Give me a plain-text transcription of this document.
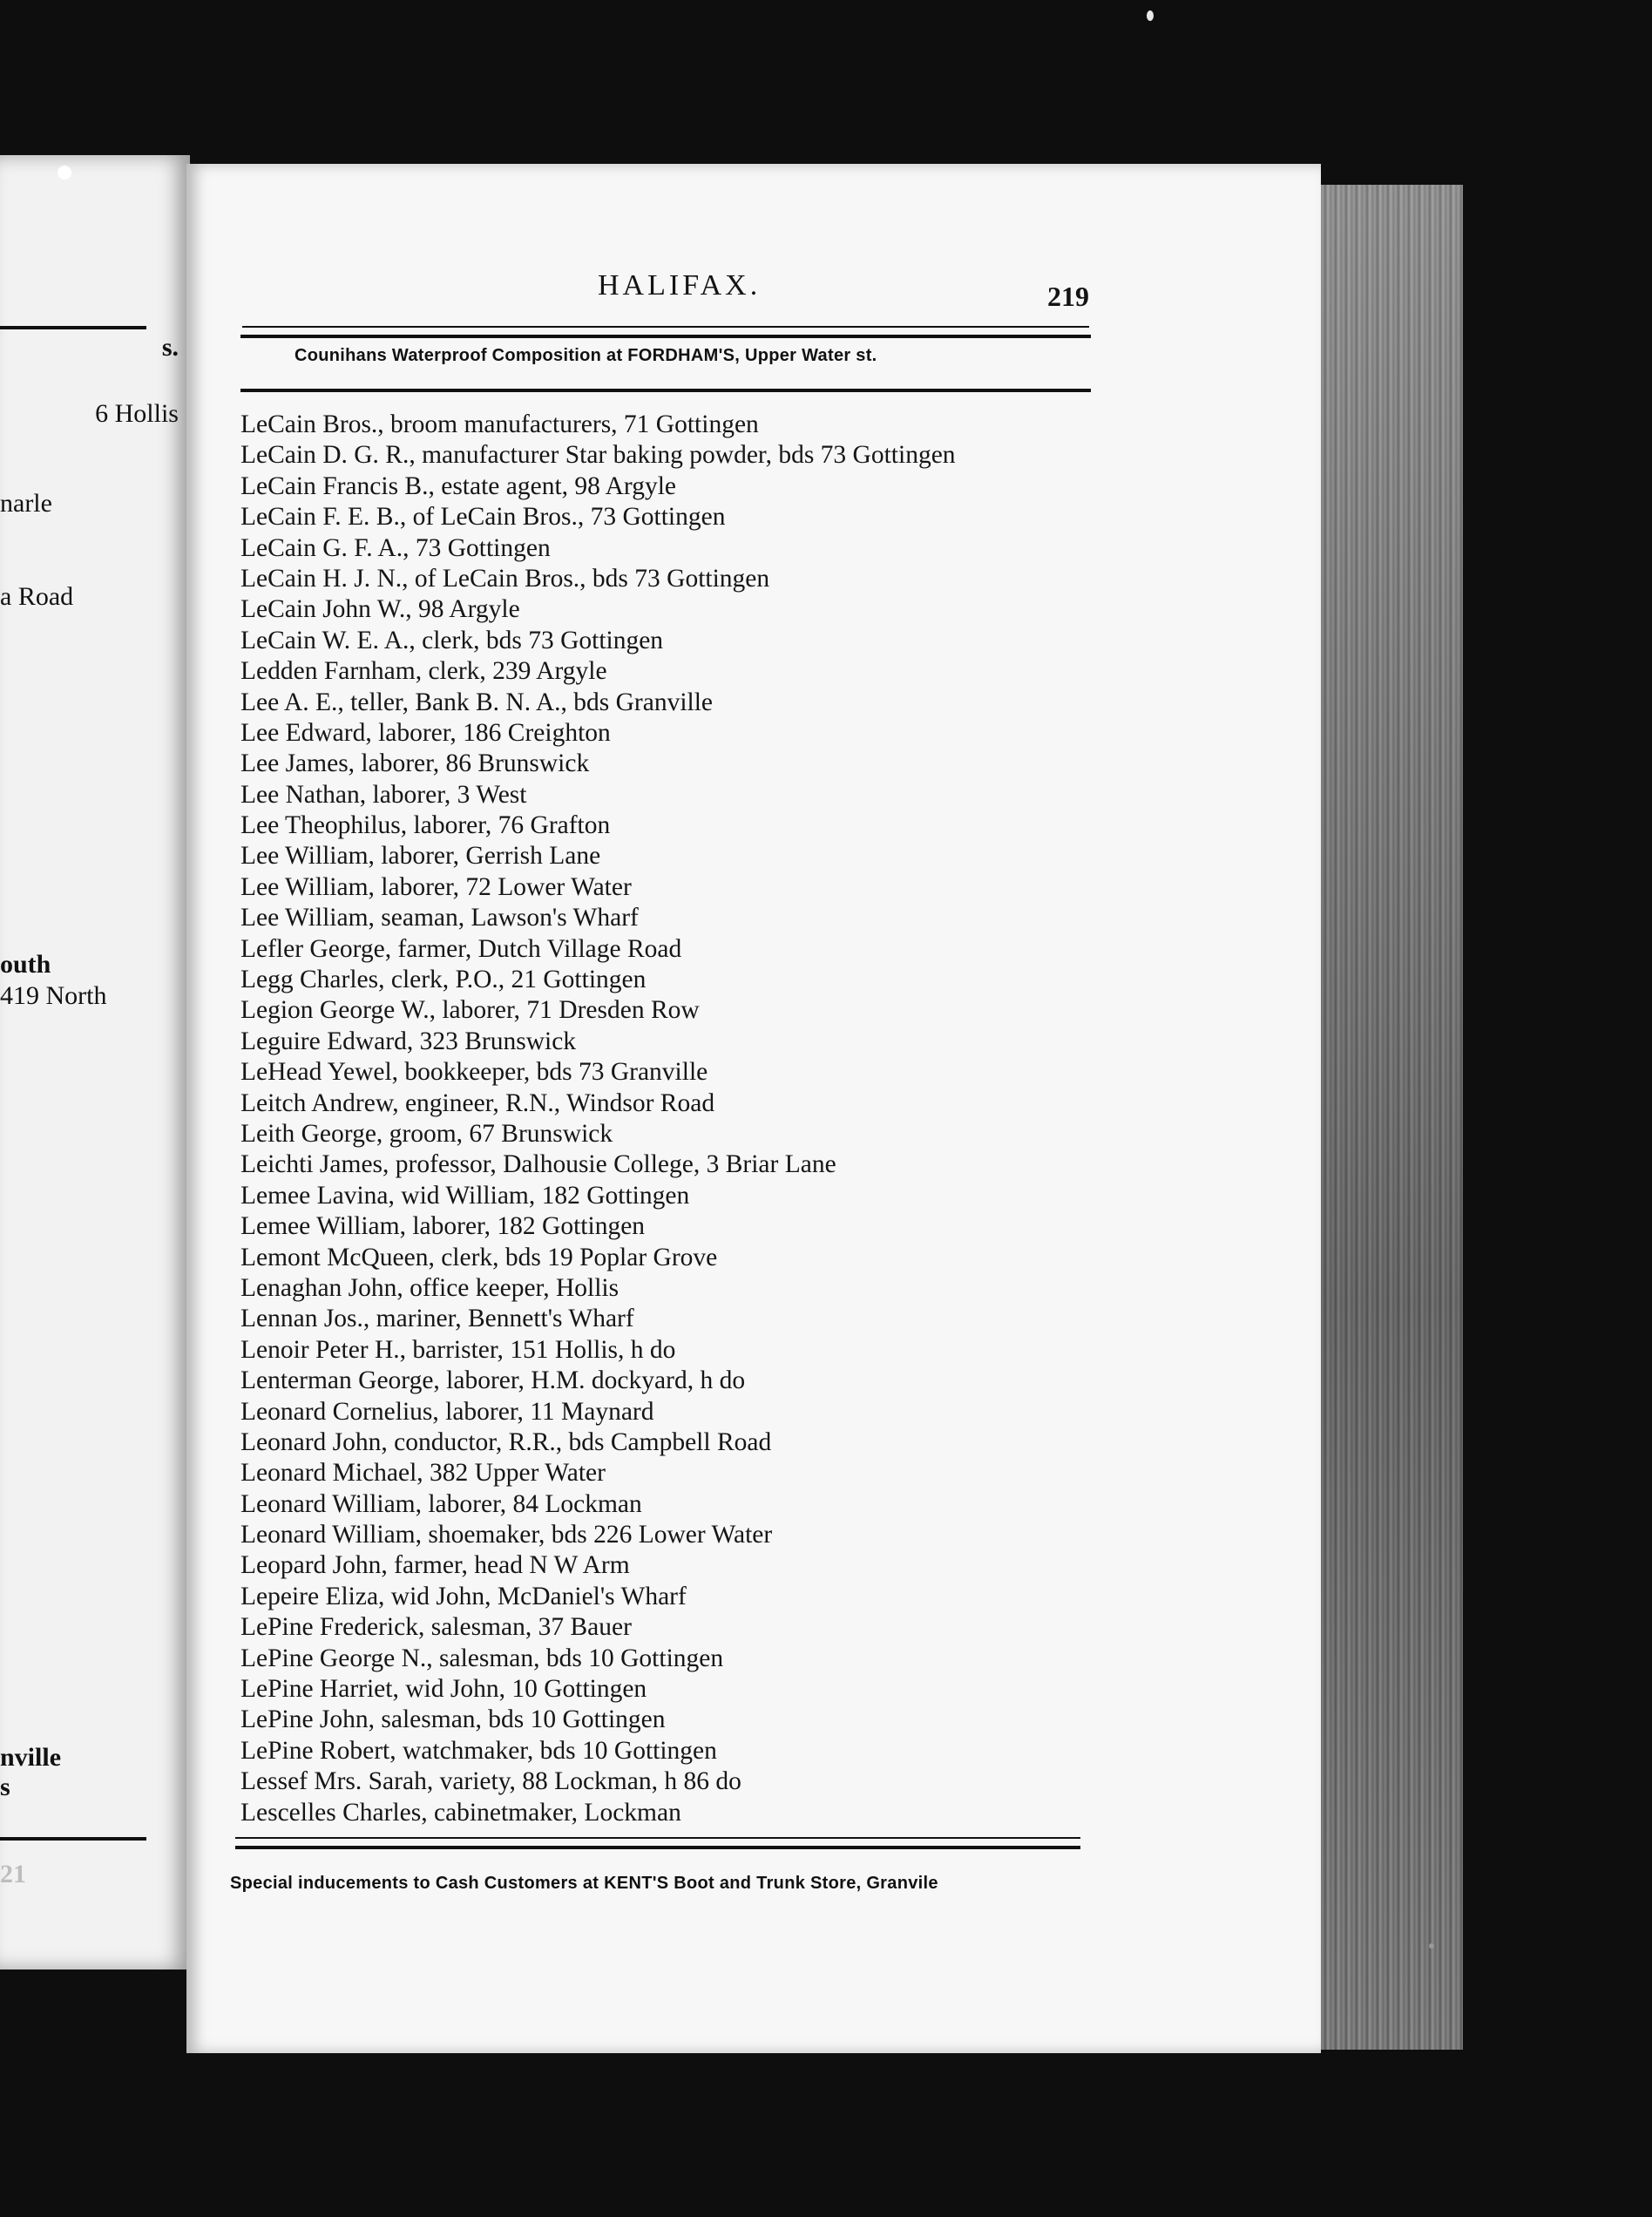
s.
6 Hollis
narle
a Road
outh
419 North
nville
s
21
HALIFAX.	219
Counihans Waterproof Composition at FORDHAM'S, Upper Water st.
LeCain Bros., broom manufacturers, 71 Gottingen
LeCain D. G. R., manufacturer Star baking powder, bds 73 Gottingen
LeCain Francis B., estate agent, 98 Argyle
LeCain F. E. B., of LeCain Bros., 73 Gottingen
LeCain G. F. A., 73 Gottingen
LeCain H. J. N., of LeCain Bros., bds 73 Gottingen
LeCain John W., 98 Argyle
LeCain W. E. A., clerk, bds 73 Gottingen
Ledden Farnham, clerk, 239 Argyle
Lee A. E., teller, Bank B. N. A., bds Granville
Lee Edward, laborer, 186 Creighton
Lee James, laborer, 86 Brunswick
Lee Nathan, laborer, 3 West
Lee Theophilus, laborer, 76 Grafton
Lee William, laborer, Gerrish Lane
Lee William, laborer, 72 Lower Water
Lee William, seaman, Lawson's Wharf
Lefler George, farmer, Dutch Village Road
Legg Charles, clerk, P.O., 21 Gottingen
Legion George W., laborer, 71 Dresden Row
Leguire Edward, 323 Brunswick
LeHead Yewel, bookkeeper, bds 73 Granville
Leitch Andrew, engineer, R.N., Windsor Road
Leith George, groom, 67 Brunswick
Leichti James, professor, Dalhousie College, 3 Briar Lane
Lemee Lavina, wid William, 182 Gottingen
Lemee William, laborer, 182 Gottingen
Lemont McQueen, clerk, bds 19 Poplar Grove
Lenaghan John, office keeper, Hollis
Lennan Jos., mariner, Bennett's Wharf
Lenoir Peter H., barrister, 151 Hollis, h do
Lenterman George, laborer, H.M. dockyard, h do
Leonard Cornelius, laborer, 11 Maynard
Leonard John, conductor, R.R., bds Campbell Road
Leonard Michael, 382 Upper Water
Leonard William, laborer, 84 Lockman
Leonard William, shoemaker, bds 226 Lower Water
Leopard John, farmer, head N W Arm
Lepeire Eliza, wid John, McDaniel's Wharf
LePine Frederick, salesman, 37 Bauer
LePine George N., salesman, bds 10 Gottingen
LePine Harriet, wid John, 10 Gottingen
LePine John, salesman, bds 10 Gottingen
LePine Robert, watchmaker, bds 10 Gottingen
Lessef Mrs. Sarah, variety, 88 Lockman, h 86 do
Lescelles Charles, cabinetmaker, Lockman
Special inducements to Cash Customers at KENT'S Boot and Trunk Store, Granvile
